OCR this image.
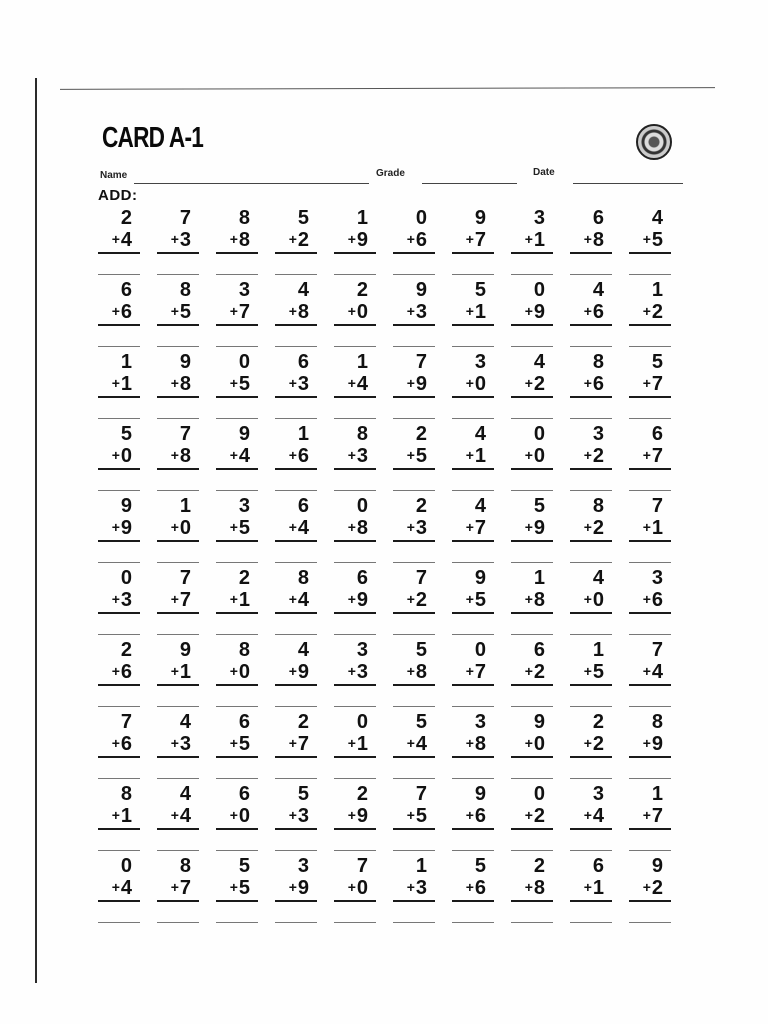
CARD A-1
Name	Grade	Date
ADD:
2
+4
7
+3
8
+8
5
+2
1
+9
0
+6
9
+7
3
+1
6
+8
4
+5
6
+6
8
+5
3
+7
4
+8
2
+0
9
+3
5
+1
0
+9
4
+6
1
+2
1
+1
9
+8
0
+5
6
+3
1
+4
7
+9
3
+0
4
+2
8
+6
5
+7
5
+0
7
+8
9
+4
1
+6
8
+3
2
+5
4
+1
0
+0
3
+2
6
+7
9
+9
1
+0
3
+5
6
+4
0
+8
2
+3
4
+7
5
+9
8
+2
7
+1
0
+3
7
+7
2
+1
8
+4
6
+9
7
+2
9
+5
1
+8
4
+0
3
+6
2
+6
9
+1
8
+0
4
+9
3
+3
5
+8
0
+7
6
+2
1
+5
7
+4
7
+6
4
+3
6
+5
2
+7
0
+1
5
+4
3
+8
9
+0
2
+2
8
+9
8
+1
4
+4
6
+0
5
+3
2
+9
7
+5
9
+6
0
+2
3
+4
1
+7
0
+4
8
+7
5
+5
3
+9
7
+0
1
+3
5
+6
2
+8
6
+1
9
+2
